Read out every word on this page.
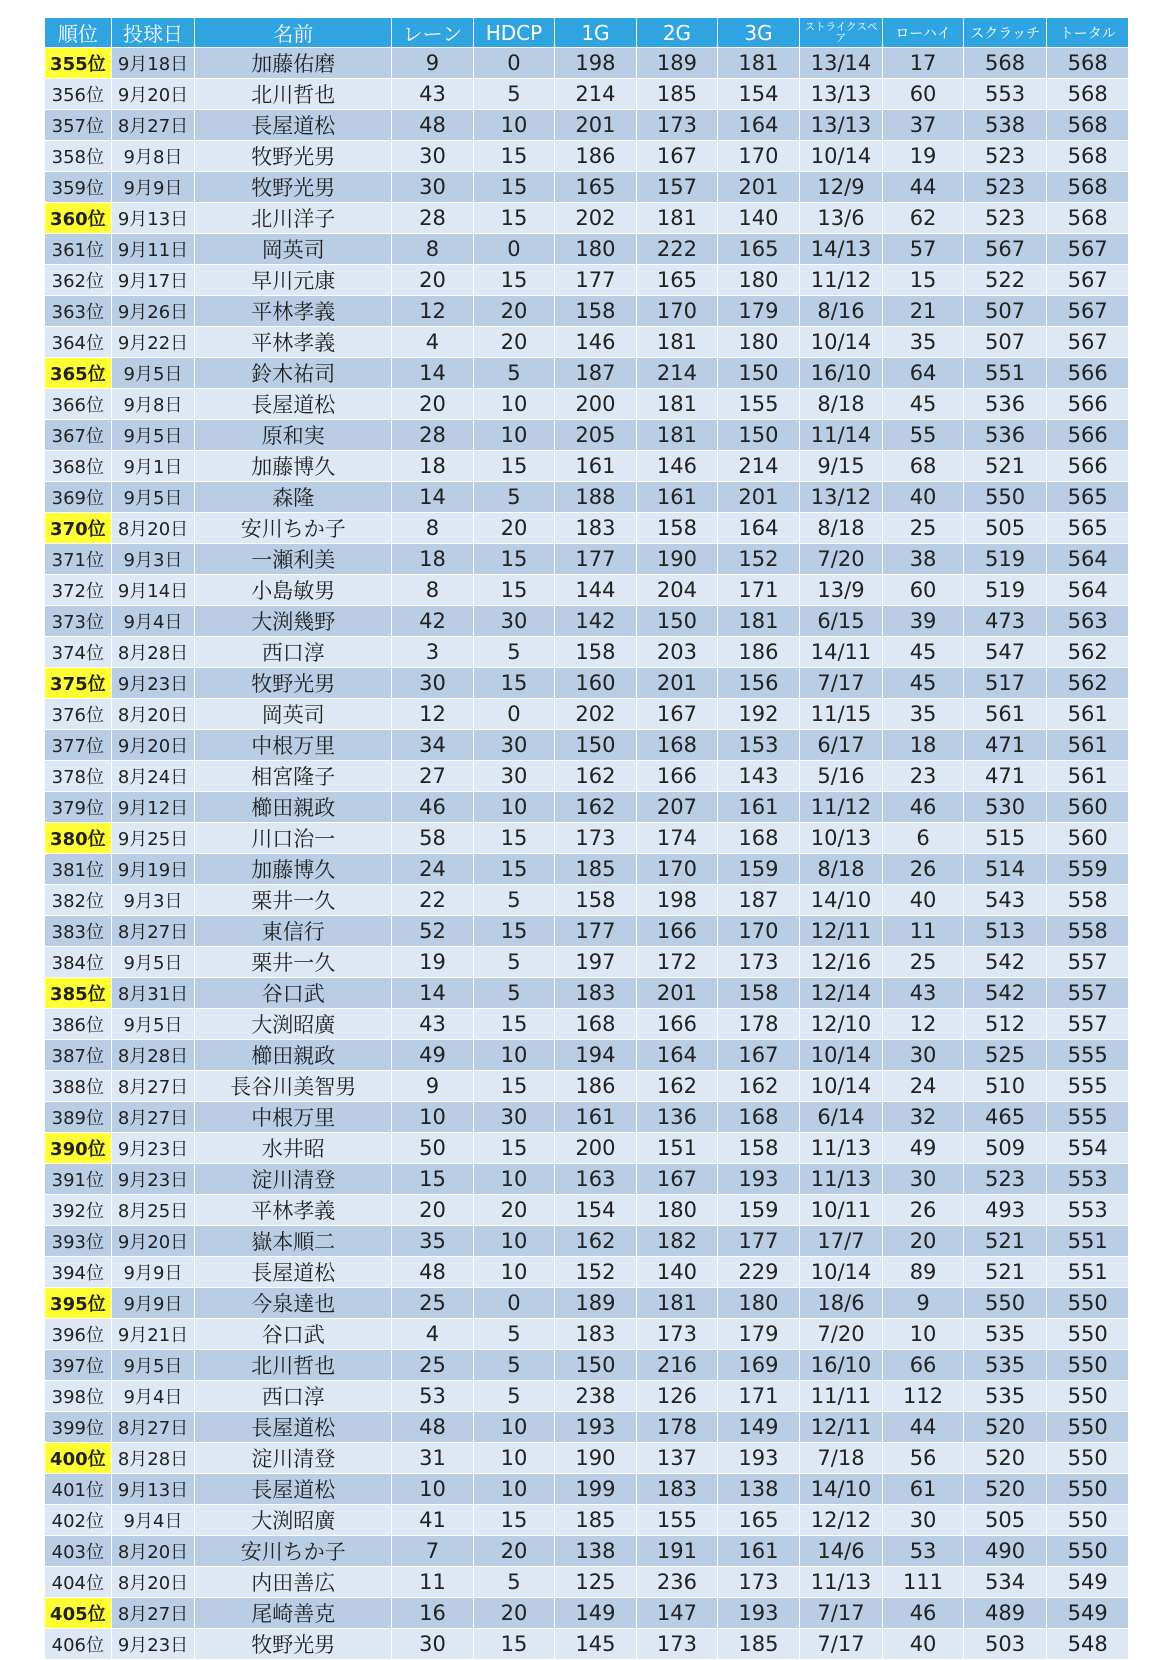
順位	投球日	名前	レーン	HDCP	1G	2G	3G	ストライクスペア	ローハイ	スクラッチ	トータル
355位	9月18日	加藤佑磨	9	0	198	189	181	13/14	17	568	568
356位	9月20日	北川哲也	43	5	214	185	154	13/13	60	553	568
357位	8月27日	長屋道松	48	10	201	173	164	13/13	37	538	568
358位	9月8日	牧野光男	30	15	186	167	170	10/14	19	523	568
359位	9月9日	牧野光男	30	15	165	157	201	12/9	44	523	568
360位	9月13日	北川洋子	28	15	202	181	140	13/6	62	523	568
361位	9月11日	岡英司	8	0	180	222	165	14/13	57	567	567
362位	9月17日	早川元康	20	15	177	165	180	11/12	15	522	567
363位	9月26日	平林孝義	12	20	158	170	179	8/16	21	507	567
364位	9月22日	平林孝義	4	20	146	181	180	10/14	35	507	567
365位	9月5日	鈴木祐司	14	5	187	214	150	16/10	64	551	566
366位	9月8日	長屋道松	20	10	200	181	155	8/18	45	536	566
367位	9月5日	原和実	28	10	205	181	150	11/14	55	536	566
368位	9月1日	加藤博久	18	15	161	146	214	9/15	68	521	566
369位	9月5日	森隆	14	5	188	161	201	13/12	40	550	565
370位	8月20日	安川ちか子	8	20	183	158	164	8/18	25	505	565
371位	9月3日	一瀬利美	18	15	177	190	152	7/20	38	519	564
372位	9月14日	小島敏男	8	15	144	204	171	13/9	60	519	564
373位	9月4日	大渕幾野	42	30	142	150	181	6/15	39	473	563
374位	8月28日	西口淳	3	5	158	203	186	14/11	45	547	562
375位	9月23日	牧野光男	30	15	160	201	156	7/17	45	517	562
376位	8月20日	岡英司	12	0	202	167	192	11/15	35	561	561
377位	9月20日	中根万里	34	30	150	168	153	6/17	18	471	561
378位	8月24日	相宮隆子	27	30	162	166	143	5/16	23	471	561
379位	9月12日	櫛田親政	46	10	162	207	161	11/12	46	530	560
380位	9月25日	川口治一	58	15	173	174	168	10/13	6	515	560
381位	9月19日	加藤博久	24	15	185	170	159	8/18	26	514	559
382位	9月3日	栗井一久	22	5	158	198	187	14/10	40	543	558
383位	8月27日	東信行	52	15	177	166	170	12/11	11	513	558
384位	9月5日	栗井一久	19	5	197	172	173	12/16	25	542	557
385位	8月31日	谷口武	14	5	183	201	158	12/14	43	542	557
386位	9月5日	大渕昭廣	43	15	168	166	178	12/10	12	512	557
387位	8月28日	櫛田親政	49	10	194	164	167	10/14	30	525	555
388位	8月27日	長谷川美智男	9	15	186	162	162	10/14	24	510	555
389位	8月27日	中根万里	10	30	161	136	168	6/14	32	465	555
390位	9月23日	水井昭	50	15	200	151	158	11/13	49	509	554
391位	9月23日	淀川清登	15	10	163	167	193	11/13	30	523	553
392位	8月25日	平林孝義	20	20	154	180	159	10/11	26	493	553
393位	9月20日	嶽本順二	35	10	162	182	177	17/7	20	521	551
394位	9月9日	長屋道松	48	10	152	140	229	10/14	89	521	551
395位	9月9日	今泉達也	25	0	189	181	180	18/6	9	550	550
396位	9月21日	谷口武	4	5	183	173	179	7/20	10	535	550
397位	9月5日	北川哲也	25	5	150	216	169	16/10	66	535	550
398位	9月4日	西口淳	53	5	238	126	171	11/11	112	535	550
399位	8月27日	長屋道松	48	10	193	178	149	12/11	44	520	550
400位	8月28日	淀川清登	31	10	190	137	193	7/18	56	520	550
401位	9月13日	長屋道松	10	10	199	183	138	14/10	61	520	550
402位	9月4日	大渕昭廣	41	15	185	155	165	12/12	30	505	550
403位	8月20日	安川ちか子	7	20	138	191	161	14/6	53	490	550
404位	8月20日	内田善広	11	5	125	236	173	11/13	111	534	549
405位	8月27日	尾崎善克	16	20	149	147	193	7/17	46	489	549
406位	9月23日	牧野光男	30	15	145	173	185	7/17	40	503	548
